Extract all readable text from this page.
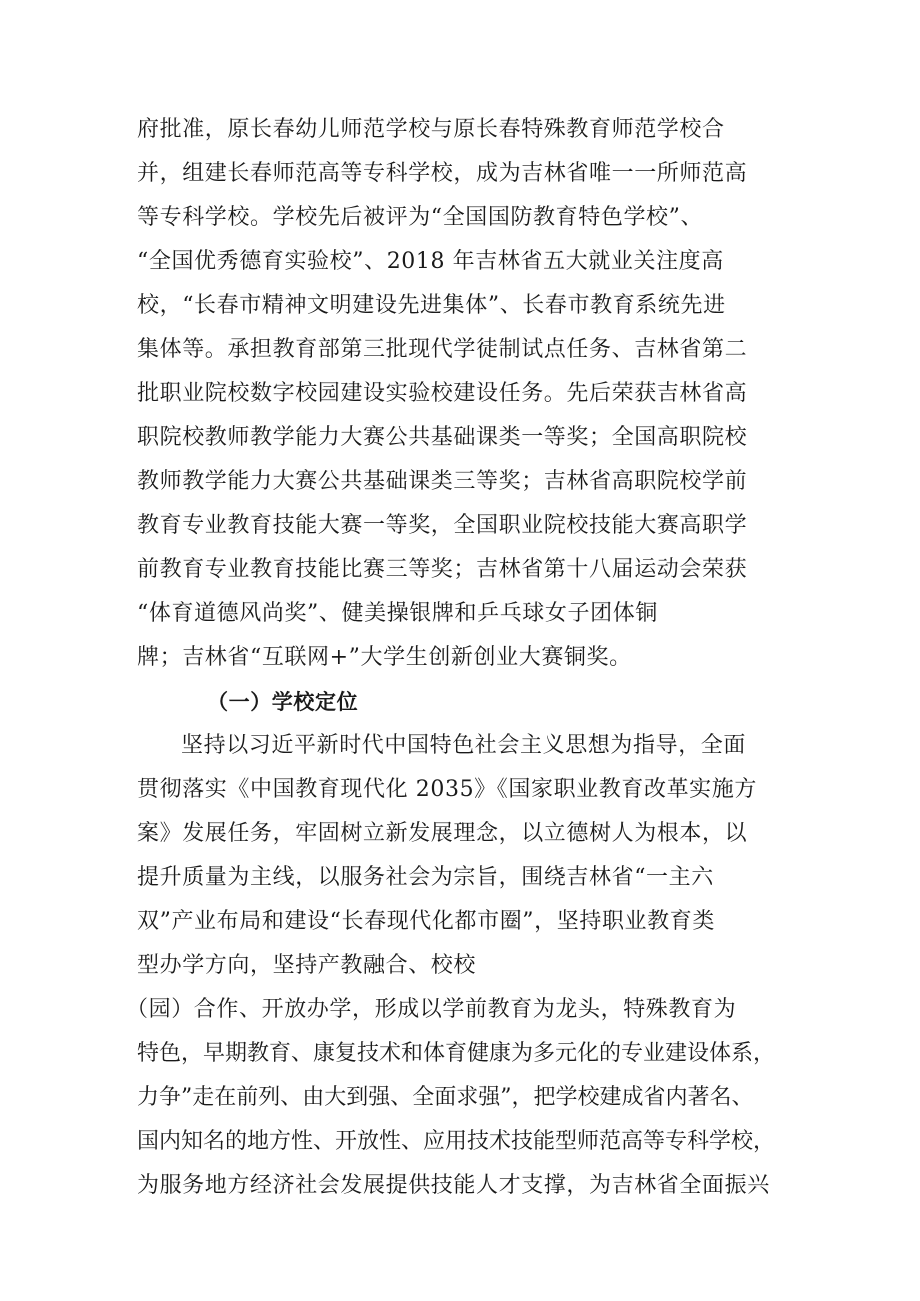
府批准，原长春幼儿师范学校与原长春特殊教育师范学校合
并，组建长春师范高等专科学校，成为吉林省唯一一所师范高
等专科学校。学校先后被评为“全国国防教育特色学校”、
“全国优秀德育实验校”、2018 年吉林省五大就业关注度高
校，“长春市精神文明建设先进集体”、长春市教育系统先进
集体等。承担教育部第三批现代学徒制试点任务、吉林省第二
批职业院校数字校园建设实验校建设任务。先后荣获吉林省高
职院校教师教学能力大赛公共基础课类一等奖；全国高职院校
教师教学能力大赛公共基础课类三等奖；吉林省高职院校学前
教育专业教育技能大赛一等奖，全国职业院校技能大赛高职学
前教育专业教育技能比赛三等奖；吉林省第十八届运动会荣获
“体育道德风尚奖”、健美操银牌和乒乓球女子团体铜
牌；吉林省“互联网+”大学生创新创业大赛铜奖。
（一）学校定位
坚持以习近平新时代中国特色社会主义思想为指导，全面
贯彻落实《中国教育现代化 2035》《国家职业教育改革实施方
案》发展任务，牢固树立新发展理念，以立德树人为根本，以
提升质量为主线，以服务社会为宗旨，围绕吉林省“一主六
双”产业布局和建设“长春现代化都市圈”，坚持职业教育类
型办学方向，坚持产教融合、校校
（园）合作、开放办学，形成以学前教育为龙头，特殊教育为
特色，早期教育、康复技术和体育健康为多元化的专业建设体系，
力争”走在前列、由大到强、全面求强”，把学校建成省内著名、
国内知名的地方性、开放性、应用技术技能型师范高等专科学校，
为服务地方经济社会发展提供技能人才支撑，为吉林省全面振兴
